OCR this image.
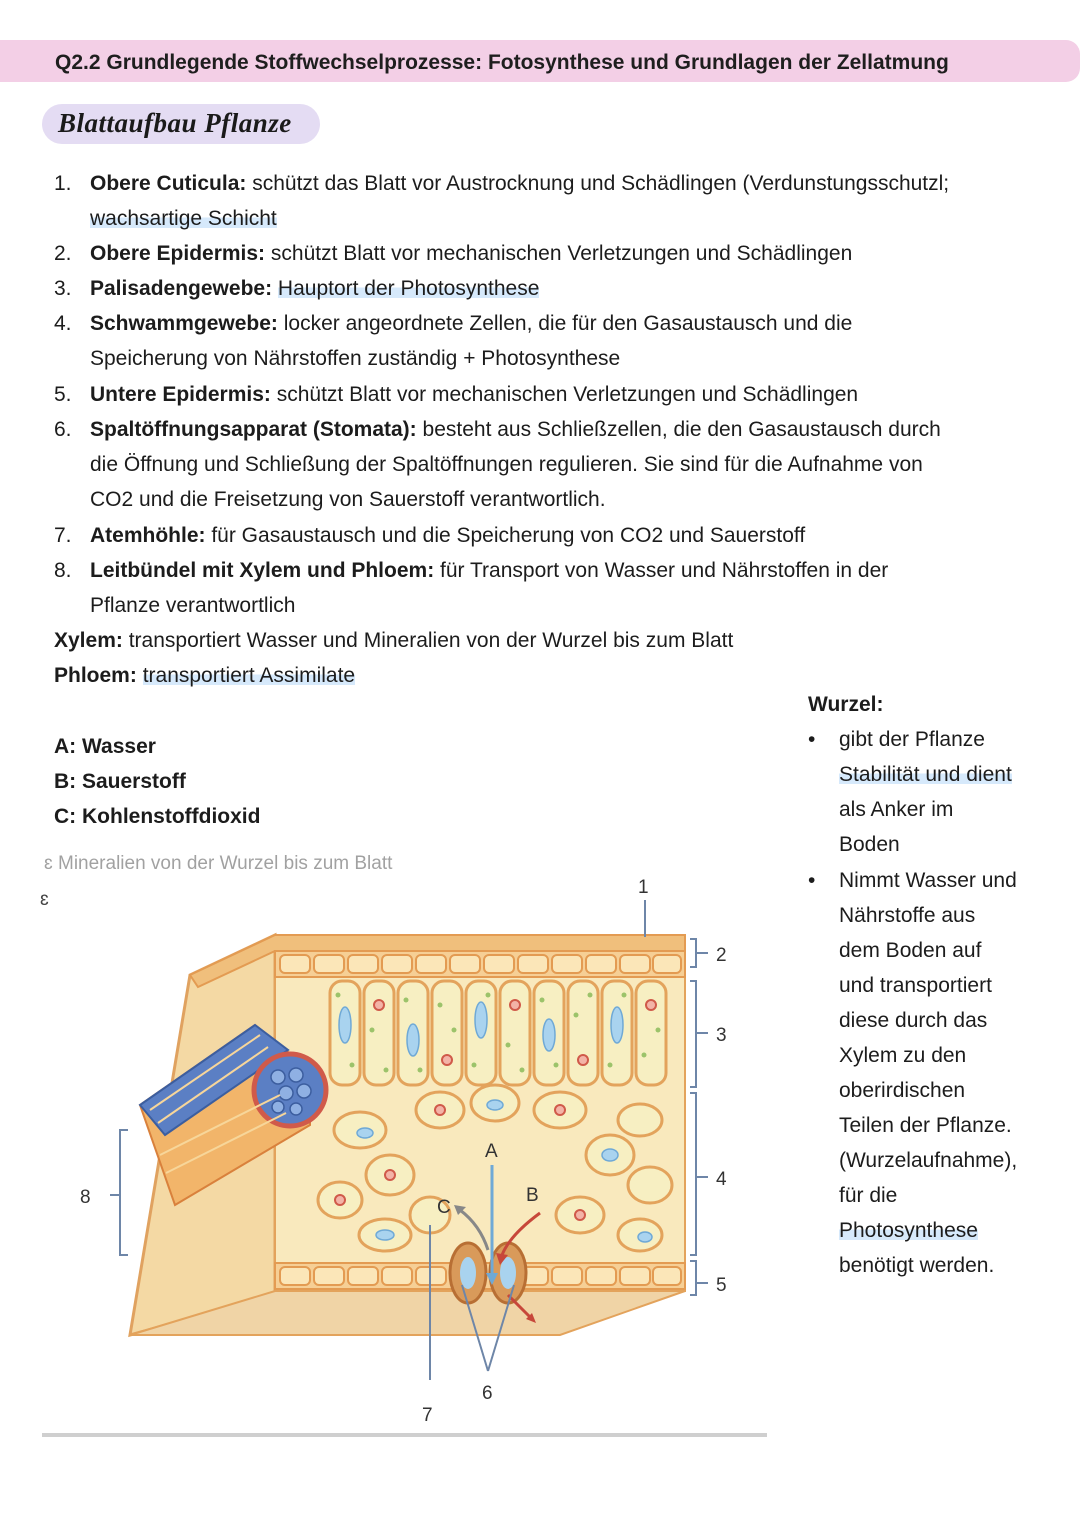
Q2.2 Grundlegende Stoffwechselprozesse: Fotosynthese und Grundlagen der Zellatmung
Blattaufbau Pflanze
1. Obere Cuticula: schützt das Blatt vor Austrocknung und Schädlingen (Verdunstungsschutzl;
wachsartige Schicht
2. Obere Epidermis: schützt Blatt vor mechanischen Verletzungen und Schädlingen
3. Palisadengewebe: Hauptort der Photosynthese
4. Schwammgewebe: locker angeordnete Zellen, die für den Gasaustausch und die
Speicherung von Nährstoffen zuständig + Photosynthese
5. Untere Epidermis: schützt Blatt vor mechanischen Verletzungen und Schädlingen
6. Spaltöffnungsapparat (Stomata): besteht aus Schließzellen, die den Gasaustausch durch
die Öffnung und Schließung der Spaltöffnungen regulieren. Sie sind für die Aufnahme von
CO2 und die Freisetzung von Sauerstoff verantwortlich.
7. Atemhöhle: für Gasaustausch und die Speicherung von CO2 und Sauerstoff
8. Leitbündel mit Xylem und Phloem: für Transport von Wasser und Nährstoffen in der
Pflanze verantwortlich
Xylem: transportiert Wasser und Mineralien von der Wurzel bis zum Blatt
Phloem: transportiert Assimilate
A: Wasser
B: Sauerstoff
C: Kohlenstoffdioxid
Wurzel:
• gibt der Pflanze
Stabilität und dient
als Anker im
Boden
• Nimmt Wasser und
Nährstoffe aus
dem Boden auf
und transportiert
diese durch das
Xylem zu den
oberirdischen
Teilen der Pflanze.
(Wurzelaufnahme),
für die
Photosynthese
benötigt werden.
ɛ Mineralien von der Wurzel bis zum Blatt
ɛ
1
2
3
4
5
6
7
8
A
B
C
